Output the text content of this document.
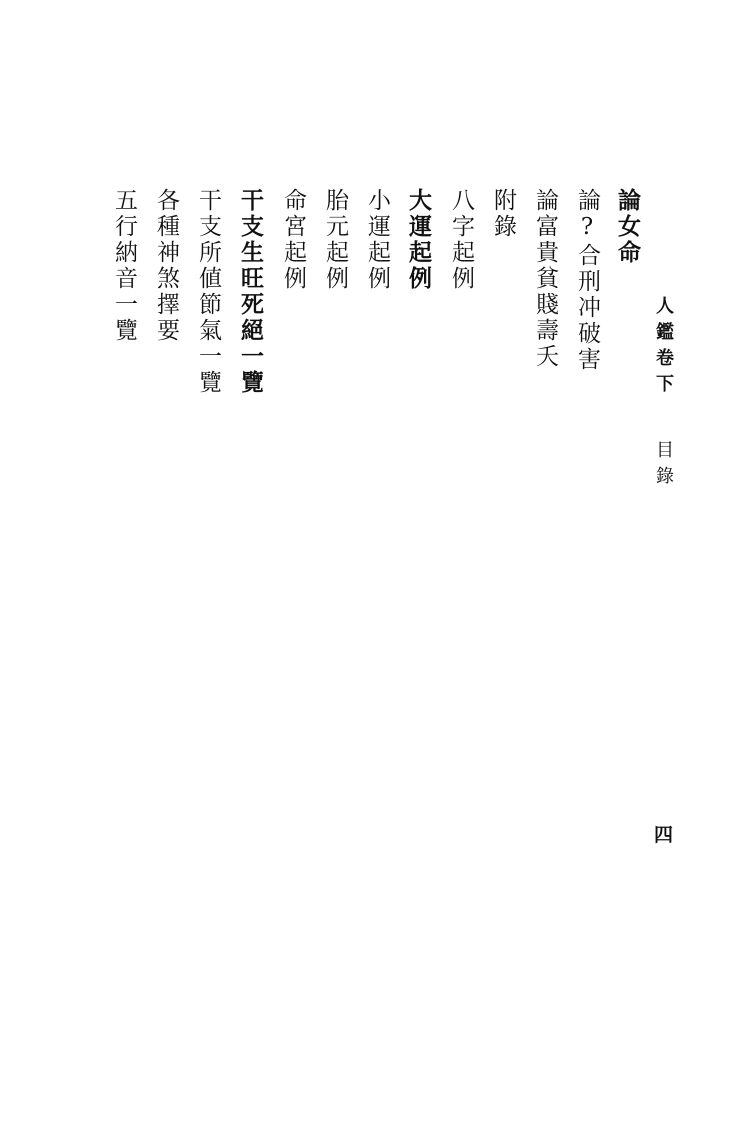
人鑑卷下
目錄
四
論女命
論?合刑冲破害
論富貴貧賤壽夭
附錄
八字起例
大運起例
小運起例
胎元起例
命宮起例
干支生旺死絕一覽
干支所値節氣一覽
各種神煞擇要
五行納音一覽
